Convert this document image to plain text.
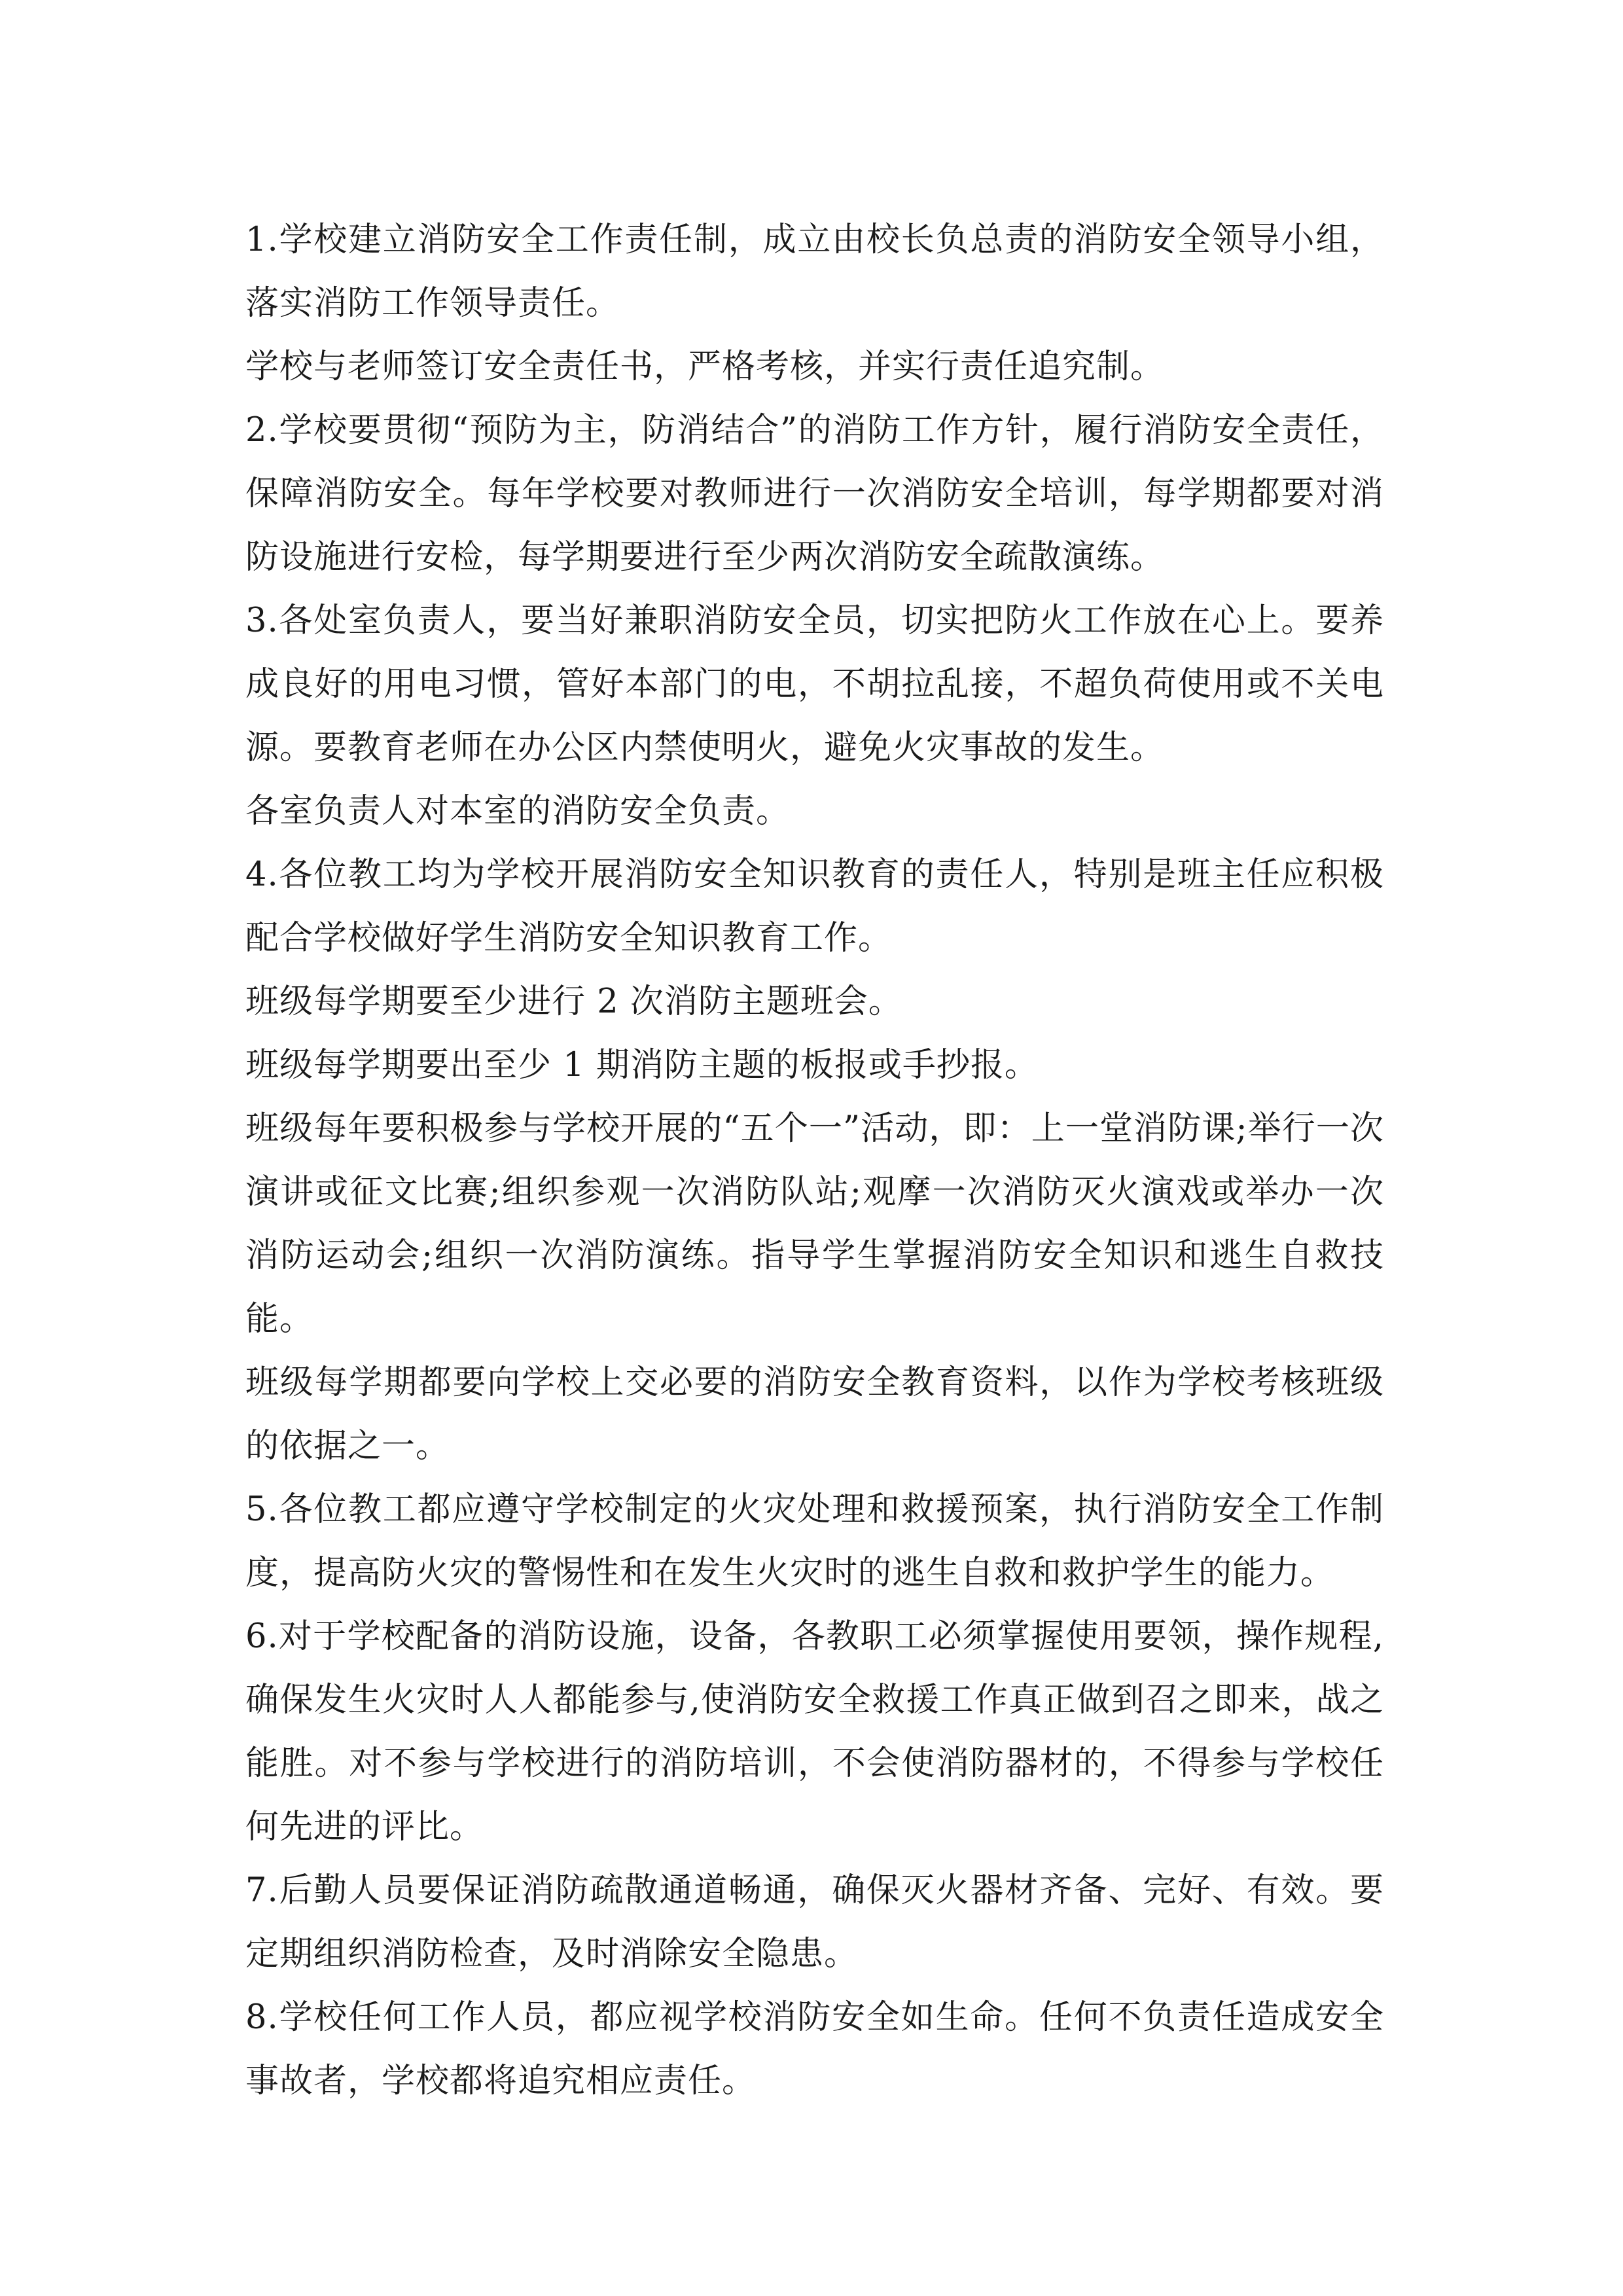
1.学校建立消防安全工作责任制，成立由校长负总责的消防安全领导小组，落实消防工作领导责任。

学校与老师签订安全责任书，严格考核，并实行责任追究制。

2.学校要贯彻“预防为主，防消结合”的消防工作方针，履行消防安全责任，保障消防安全。每年学校要对教师进行一次消防安全培训，每学期都要对消防设施进行安检，每学期要进行至少两次消防安全疏散演练。

3.各处室负责人，要当好兼职消防安全员，切实把防火工作放在心上。要养成良好的用电习惯，管好本部门的电，不胡拉乱接，不超负荷使用或不关电源。要教育老师在办公区内禁使明火，避免火灾事故的发生。

各室负责人对本室的消防安全负责。

4.各位教工均为学校开展消防安全知识教育的责任人，特别是班主任应积极配合学校做好学生消防安全知识教育工作。

班级每学期要至少进行 2 次消防主题班会。

班级每学期要出至少 1 期消防主题的板报或手抄报。

班级每年要积极参与学校开展的“五个一”活动，即：上一堂消防课;举行一次演讲或征文比赛;组织参观一次消防队站;观摩一次消防灭火演戏或举办一次消防运动会;组织一次消防演练。指导学生掌握消防安全知识和逃生自救技能。

班级每学期都要向学校上交必要的消防安全教育资料，以作为学校考核班级的依据之一。

5.各位教工都应遵守学校制定的火灾处理和救援预案，执行消防安全工作制度，提高防火灾的警惕性和在发生火灾时的逃生自救和救护学生的能力。

6.对于学校配备的消防设施，设备，各教职工必须掌握使用要领，操作规程,确保发生火灾时人人都能参与,使消防安全救援工作真正做到召之即来，战之能胜。对不参与学校进行的消防培训，不会使消防器材的，不得参与学校任何先进的评比。

7.后勤人员要保证消防疏散通道畅通，确保灭火器材齐备、完好、有效。要定期组织消防检查，及时消除安全隐患。

8.学校任何工作人员，都应视学校消防安全如生命。任何不负责任造成安全事故者，学校都将追究相应责任。
